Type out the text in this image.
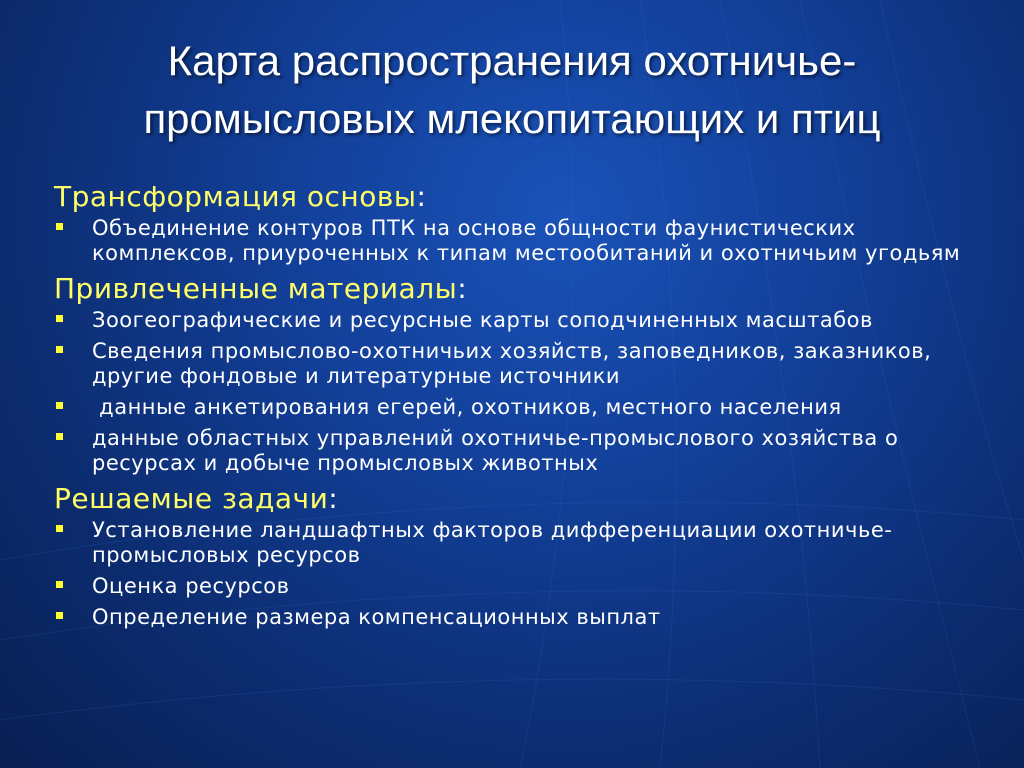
Карта распространения охотничье-промысловых млекопитающих и птиц
Трансформация основы:
Объединение контуров ПТК на основе общности фаунистических комплексов, приуроченных к типам местообитаний и охотничьим угодьям
Привлеченные материалы:
Зоогеографические и ресурсные карты соподчиненных масштабов
Сведения промыслово-охотничьих хозяйств, заповедников, заказников, другие фондовые и литературные источники
данные анкетирования егерей, охотников, местного населения
данные областных управлений охотничье-промыслового хозяйства о ресурсах и добыче промысловых животных
Решаемые задачи:
Установление ландшафтных факторов дифференциации охотничье-промысловых ресурсов
Оценка ресурсов
Определение размера компенсационных выплат
